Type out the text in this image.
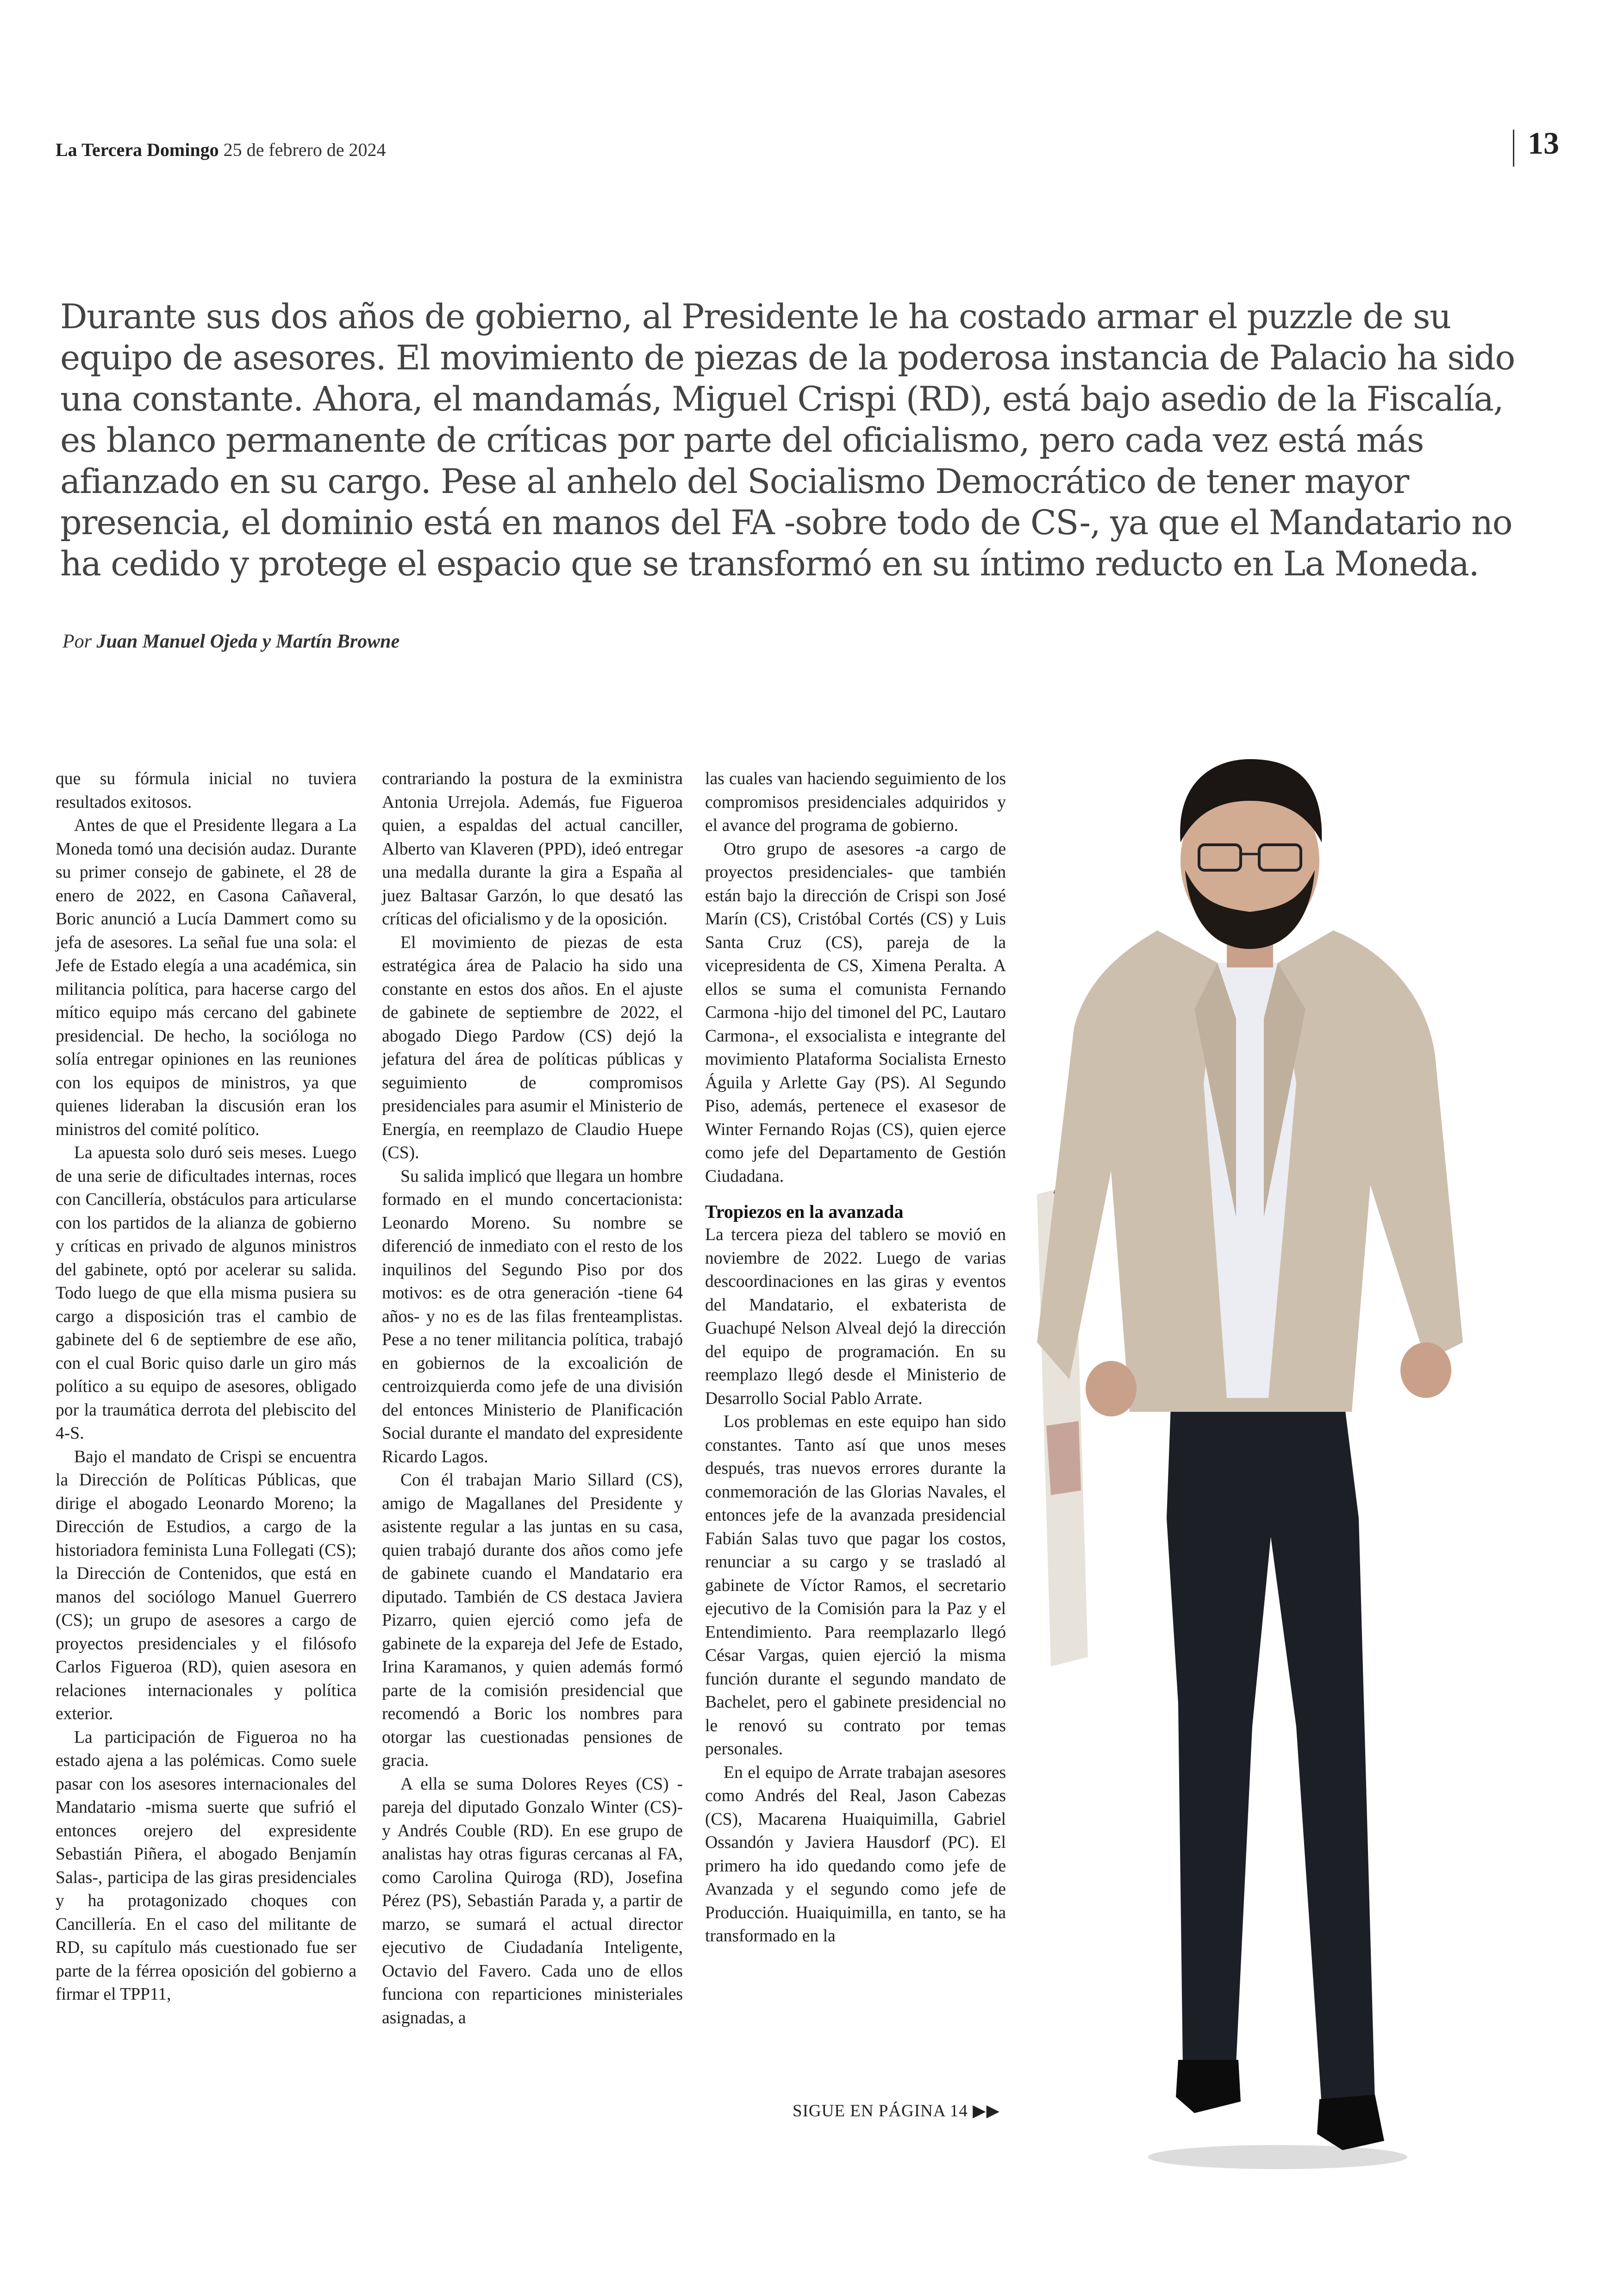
La Tercera Domingo 25 de febrero de 2024	13
Durante sus dos años de gobierno, al Presidente le ha costado armar el puzzle de su equipo de asesores. El movimiento de piezas de la poderosa instancia de Palacio ha sido una constante. Ahora, el mandamás, Miguel Crispi (RD), está bajo asedio de la Fiscalía, es blanco permanente de críticas por parte del oficialismo, pero cada vez está más afianzado en su cargo. Pese al anhelo del Socialismo Democrático de tener mayor presencia, el dominio está en manos del FA -sobre todo de CS-, ya que el Mandatario no ha cedido y protege el espacio que se transformó en su íntimo reducto en La Moneda.
Por Juan Manuel Ojeda y Martín Browne

que su fórmula inicial no tuviera resultados exitosos.

Antes de que el Presidente llegara a La Moneda tomó una decisión audaz. Durante su primer consejo de gabinete, el 28 de enero de 2022, en Casona Cañaveral, Boric anunció a Lucía Dammert como su jefa de asesores. La señal fue una sola: el Jefe de Estado elegía a una académica, sin militancia política, para hacerse cargo del mítico equipo más cercano del gabinete presidencial. De hecho, la socióloga no solía entregar opiniones en las reuniones con los equipos de ministros, ya que quienes lideraban la discusión eran los ministros del comité político.

La apuesta solo duró seis meses. Luego de una serie de dificultades internas, roces con Cancillería, obstáculos para articularse con los partidos de la alianza de gobierno y críticas en privado de algunos ministros del gabinete, optó por acelerar su salida. Todo luego de que ella misma pusiera su cargo a disposición tras el cambio de gabinete del 6 de septiembre de ese año, con el cual Boric quiso darle un giro más político a su equipo de asesores, obligado por la traumática derrota del plebiscito del 4-S.

Bajo el mandato de Crispi se encuentra la Dirección de Políticas Públicas, que dirige el abogado Leonardo Moreno; la Dirección de Estudios, a cargo de la historiadora feminista Luna Follegati (CS); la Dirección de Contenidos, que está en manos del sociólogo Manuel Guerrero (CS); un grupo de asesores a cargo de proyectos presidenciales y el filósofo Carlos Figueroa (RD), quien asesora en relaciones internacionales y política exterior.

La participación de Figueroa no ha estado ajena a las polémicas. Como suele pasar con los asesores internacionales del Mandatario -misma suerte que sufrió el entonces orejero del expresidente Sebastián Piñera, el abogado Benjamín Salas-, participa de las giras presidenciales y ha protagonizado choques con Cancillería. En el caso del militante de RD, su capítulo más cuestionado fue ser parte de la férrea oposición del gobierno a firmar el TPP11,

contrariando la postura de la exministra Antonia Urrejola. Además, fue Figueroa quien, a espaldas del actual canciller, Alberto van Klaveren (PPD), ideó entregar una medalla durante la gira a España al juez Baltasar Garzón, lo que desató las críticas del oficialismo y de la oposición.

El movimiento de piezas de esta estratégica área de Palacio ha sido una constante en estos dos años. En el ajuste de gabinete de septiembre de 2022, el abogado Diego Pardow (CS) dejó la jefatura del área de políticas públicas y seguimiento de compromisos presidenciales para asumir el Ministerio de Energía, en reemplazo de Claudio Huepe (CS).

Su salida implicó que llegara un hombre formado en el mundo concertacionista: Leonardo Moreno. Su nombre se diferenció de inmediato con el resto de los inquilinos del Segundo Piso por dos motivos: es de otra generación -tiene 64 años- y no es de las filas frenteamplistas. Pese a no tener militancia política, trabajó en gobiernos de la excoalición de centroizquierda como jefe de una división del entonces Ministerio de Planificación Social durante el mandato del expresidente Ricardo Lagos.

Con él trabajan Mario Sillard (CS), amigo de Magallanes del Presidente y asistente regular a las juntas en su casa, quien trabajó durante dos años como jefe de gabinete cuando el Mandatario era diputado. También de CS destaca Javiera Pizarro, quien ejerció como jefa de gabinete de la expareja del Jefe de Estado, Irina Karamanos, y quien además formó parte de la comisión presidencial que recomendó a Boric los nombres para otorgar las cuestionadas pensiones de gracia.

A ella se suma Dolores Reyes (CS) -pareja del diputado Gonzalo Winter (CS)- y Andrés Couble (RD). En ese grupo de analistas hay otras figuras cercanas al FA, como Carolina Quiroga (RD), Josefina Pérez (PS), Sebastián Parada y, a partir de marzo, se sumará el actual director ejecutivo de Ciudadanía Inteligente, Octavio del Favero. Cada uno de ellos funciona con reparticiones ministeriales asignadas, a

las cuales van haciendo seguimiento de los compromisos presidenciales adquiridos y el avance del programa de gobierno.

Otro grupo de asesores -a cargo de proyectos presidenciales- que también están bajo la dirección de Crispi son José Marín (CS), Cristóbal Cortés (CS) y Luis Santa Cruz (CS), pareja de la vicepresidenta de CS, Ximena Peralta. A ellos se suma el comunista Fernando Carmona -hijo del timonel del PC, Lautaro Carmona-, el exsocialista e integrante del movimiento Plataforma Socialista Ernesto Águila y Arlette Gay (PS). Al Segundo Piso, además, pertenece el exasesor de Winter Fernando Rojas (CS), quien ejerce como jefe del Departamento de Gestión Ciudadana.

Tropiezos en la avanzada

La tercera pieza del tablero se movió en noviembre de 2022. Luego de varias descoordinaciones en las giras y eventos del Mandatario, el exbaterista de Guachupé Nelson Alveal dejó la dirección del equipo de programación. En su reemplazo llegó desde el Ministerio de Desarrollo Social Pablo Arrate.

Los problemas en este equipo han sido constantes. Tanto así que unos meses después, tras nuevos errores durante la conmemoración de las Glorias Navales, el entonces jefe de la avanzada presidencial Fabián Salas tuvo que pagar los costos, renunciar a su cargo y se trasladó al gabinete de Víctor Ramos, el secretario ejecutivo de la Comisión para la Paz y el Entendimiento. Para reemplazarlo llegó César Vargas, quien ejerció la misma función durante el segundo mandato de Bachelet, pero el gabinete presidencial no le renovó su contrato por temas personales.

En el equipo de Arrate trabajan asesores como Andrés del Real, Jason Cabezas (CS), Macarena Huaiquimilla, Gabriel Ossandón y Javiera Hausdorf (PC). El primero ha ido quedando como jefe de Avanzada y el segundo como jefe de Producción. Huaiquimilla, en tanto, se ha transformado en la

SIGUE EN PÁGINA 14 ▶▶
